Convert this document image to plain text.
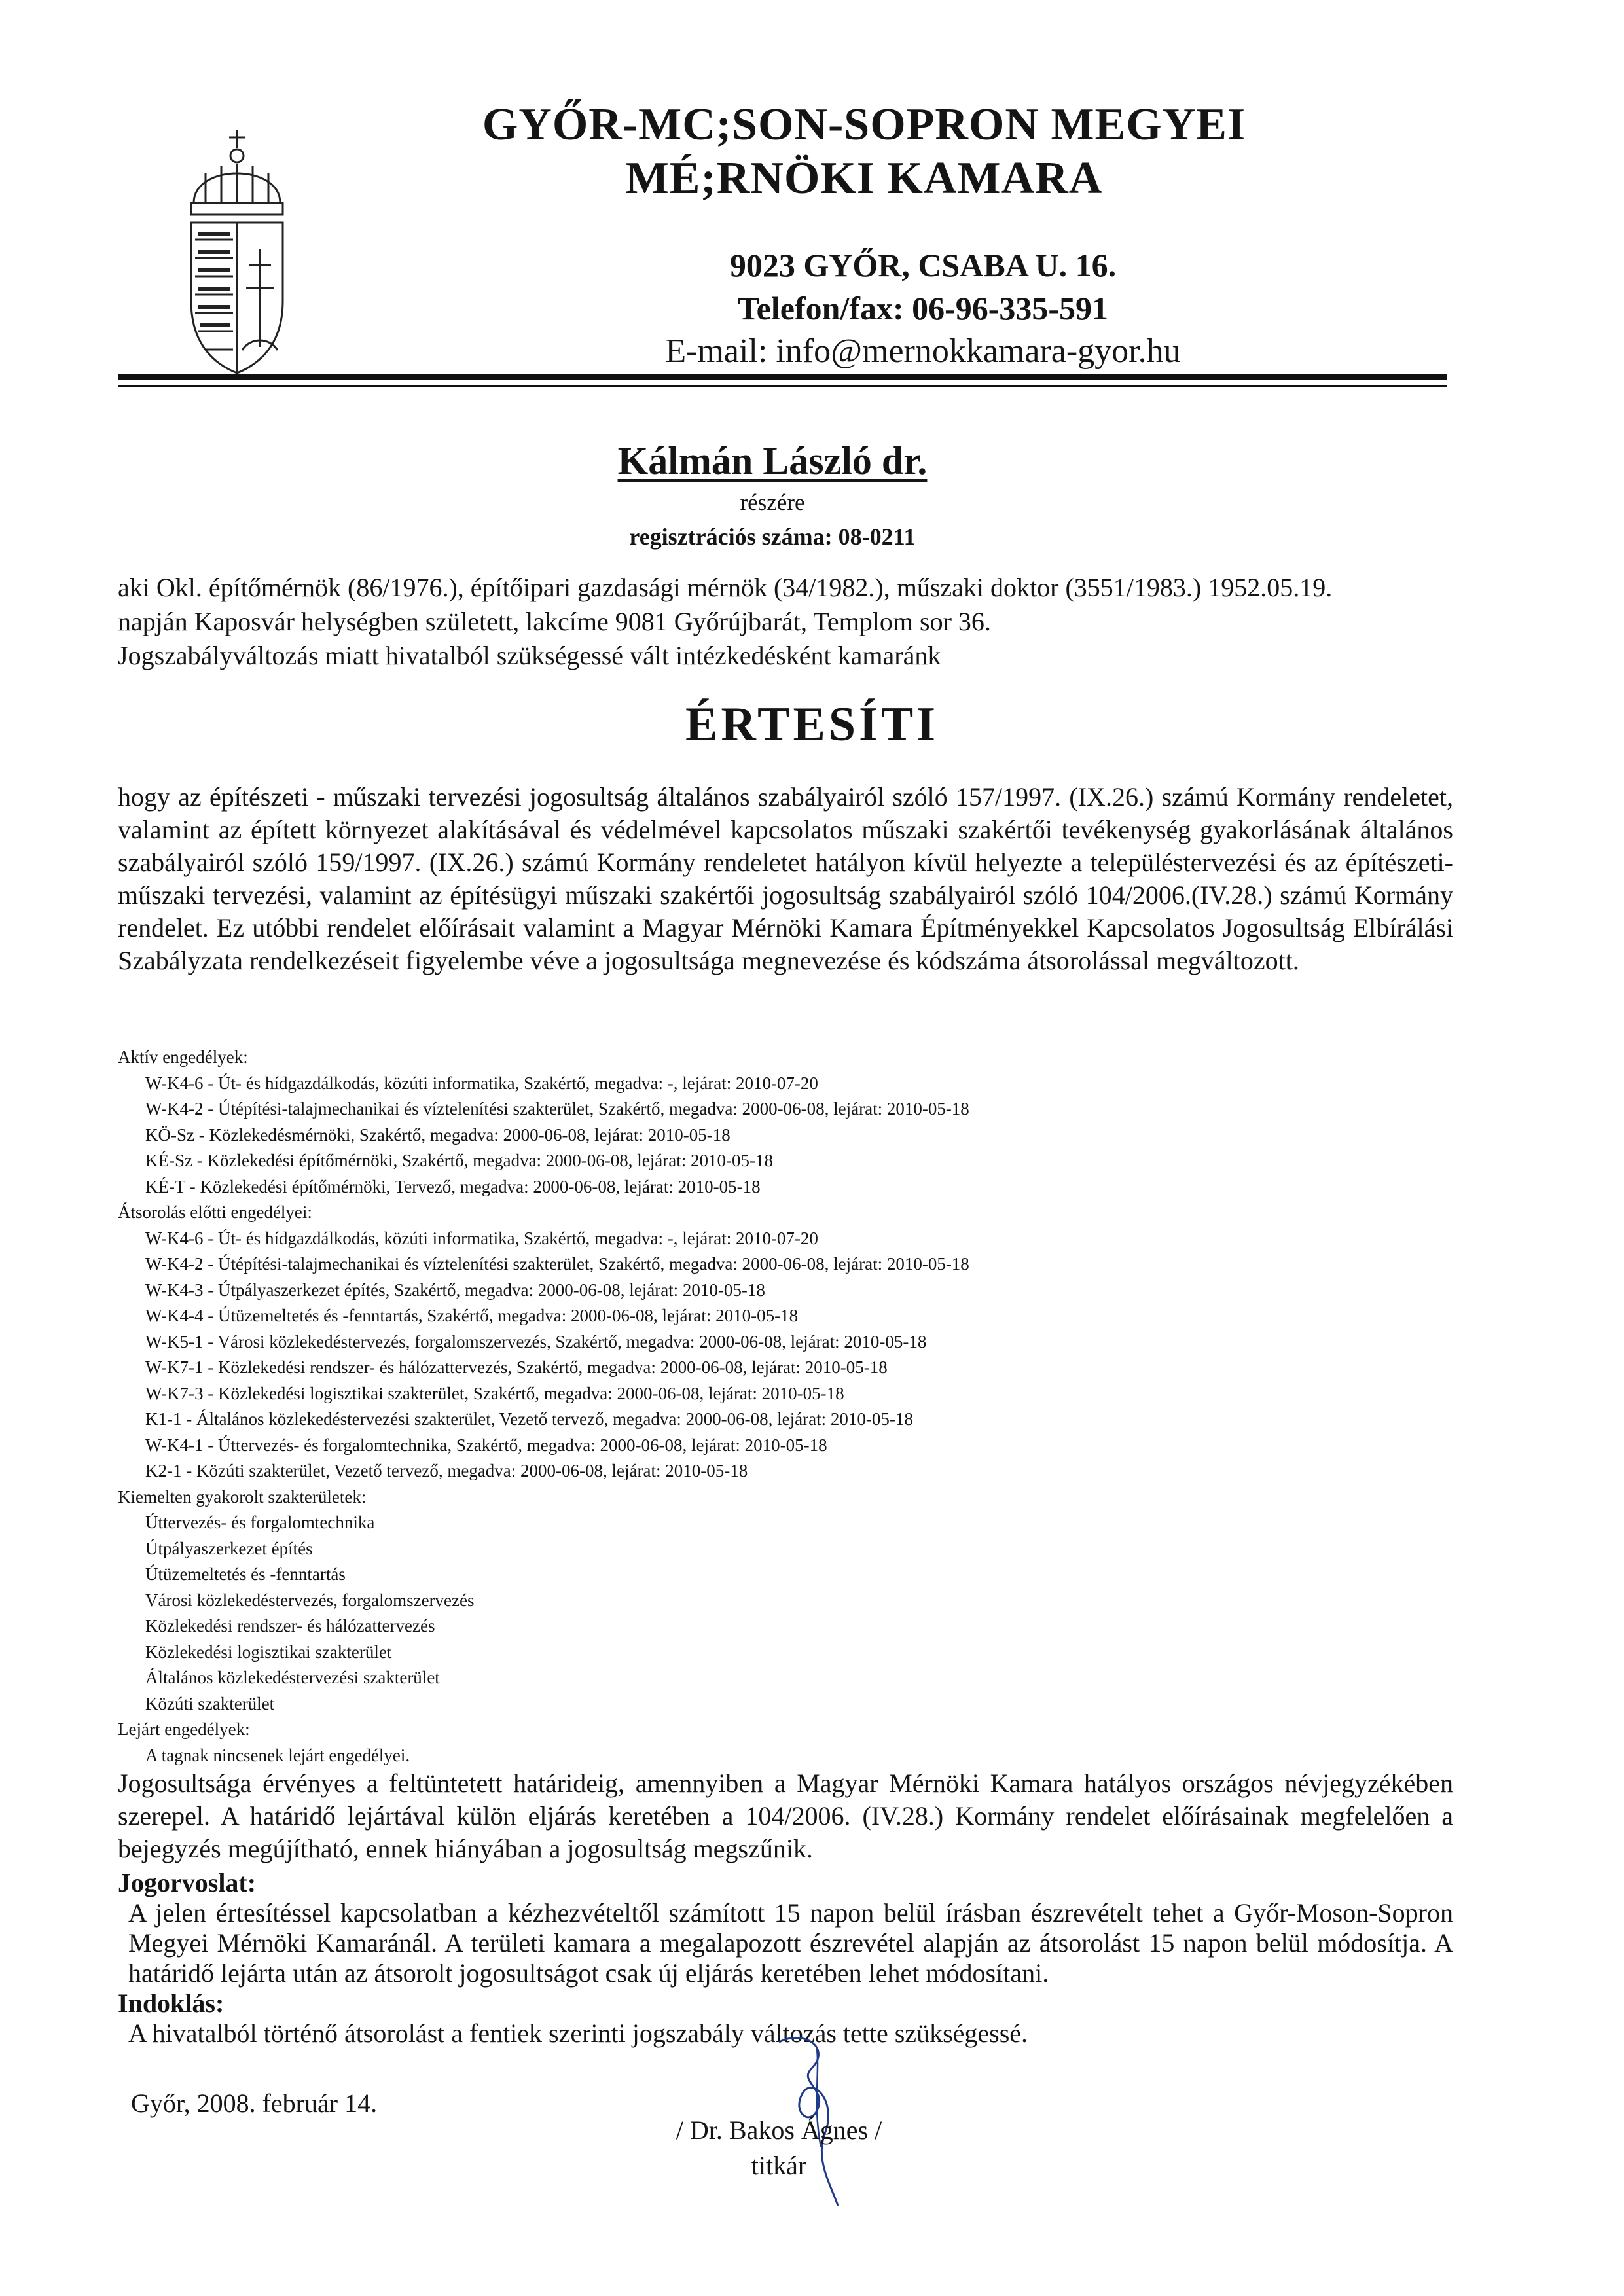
GYŐR-MC;SON-SOPRON MEGYEI
MÉ;RNÖKI KAMARA
9023 GYŐR, CSABA U. 16.
Telefon/fax: 06-96-335-591
E-mail: info@mernokkamara-gyor.hu
Kálmán László dr.
részére
regisztrációs száma: 08-0211

aki Okl. építőmérnök (86/1976.), építőipari gazdasági mérnök (34/1982.), műszaki doktor (3551/1983.) 1952.05.19.

napján Kaposvár helységben született, lakcíme 9081 Győrújbarát, Templom sor 36.

Jogszabályváltozás miatt hivatalból szükségessé vált intézkedésként kamaránk

ÉRTESÍTI

hogy az építészeti - műszaki tervezési jogosultság általános szabályairól szóló 157/1997. (IX.26.) számú Kormány rendeletet, valamint az épített környezet alakításával és védelmével kapcsolatos műszaki szakértői tevékenység gyakorlásának általános szabályairól szóló 159/1997. (IX.26.) számú Kormány rendeletet hatályon kívül helyezte a településtervezési és az építészeti-műszaki tervezési, valamint az építésügyi műszaki szakértői jogosultság szabályairól szóló 104/2006.(IV.28.) számú Kormány rendelet. Ez utóbbi rendelet előírásait valamint a Magyar Mérnöki Kamara Építményekkel Kapcsolatos Jogosultság Elbírálási Szabályzata rendelkezéseit figyelembe véve a jogosultsága megnevezése és kódszáma átsorolással megváltozott.

Aktív engedélyek:
W-K4-6 - Út- és hídgazdálkodás, közúti informatika, Szakértő, megadva: -, lejárat: 2010-07-20
W-K4-2 - Útépítési-talajmechanikai és víztelenítési szakterület, Szakértő, megadva: 2000-06-08, lejárat: 2010-05-18
KÖ-Sz - Közlekedésmérnöki, Szakértő, megadva: 2000-06-08, lejárat: 2010-05-18
KÉ-Sz - Közlekedési építőmérnöki, Szakértő, megadva: 2000-06-08, lejárat: 2010-05-18
KÉ-T - Közlekedési építőmérnöki, Tervező, megadva: 2000-06-08, lejárat: 2010-05-18
Átsorolás előtti engedélyei:
W-K4-6 - Út- és hídgazdálkodás, közúti informatika, Szakértő, megadva: -, lejárat: 2010-07-20
W-K4-2 - Útépítési-talajmechanikai és víztelenítési szakterület, Szakértő, megadva: 2000-06-08, lejárat: 2010-05-18
W-K4-3 - Útpályaszerkezet építés, Szakértő, megadva: 2000-06-08, lejárat: 2010-05-18
W-K4-4 - Útüzemeltetés és -fenntartás, Szakértő, megadva: 2000-06-08, lejárat: 2010-05-18
W-K5-1 - Városi közlekedéstervezés, forgalomszervezés, Szakértő, megadva: 2000-06-08, lejárat: 2010-05-18
W-K7-1 - Közlekedési rendszer- és hálózattervezés, Szakértő, megadva: 2000-06-08, lejárat: 2010-05-18
W-K7-3 - Közlekedési logisztikai szakterület, Szakértő, megadva: 2000-06-08, lejárat: 2010-05-18
K1-1 - Általános közlekedéstervezési szakterület, Vezető tervező, megadva: 2000-06-08, lejárat: 2010-05-18
W-K4-1 - Úttervezés- és forgalomtechnika, Szakértő, megadva: 2000-06-08, lejárat: 2010-05-18
K2-1 - Közúti szakterület, Vezető tervező, megadva: 2000-06-08, lejárat: 2010-05-18
Kiemelten gyakorolt szakterületek:
Úttervezés- és forgalomtechnika
Útpályaszerkezet építés
Útüzemeltetés és -fenntartás
Városi közlekedéstervezés, forgalomszervezés
Közlekedési rendszer- és hálózattervezés
Közlekedési logisztikai szakterület
Általános közlekedéstervezési szakterület
Közúti szakterület
Lejárt engedélyek:
A tagnak nincsenek lejárt engedélyei.

Jogosultsága érvényes a feltüntetett határideig, amennyiben a Magyar Mérnöki Kamara hatályos országos névjegyzékében szerepel. A határidő lejártával külön eljárás keretében a 104/2006. (IV.28.) Kormány rendelet előírásainak megfelelően a bejegyzés megújítható, ennek hiányában a jogosultság megszűnik.

Jogorvoslat:
A jelen értesítéssel kapcsolatban a kézhezvételtől számított 15 napon belül írásban észrevételt tehet a Győr-Moson-Sopron Megyei Mérnöki Kamaránál. A területi kamara a megalapozott észrevétel alapján az átsorolást 15 napon belül módosítja. A határidő lejárta után az átsorolt jogosultságot csak új eljárás keretében lehet módosítani.
Indoklás:
A hivatalból történő átsorolást a fentiek szerinti jogszabály változás tette szükségessé.
Győr, 2008. február 14.
/ Dr. Bakos Ágnes /
titkár
